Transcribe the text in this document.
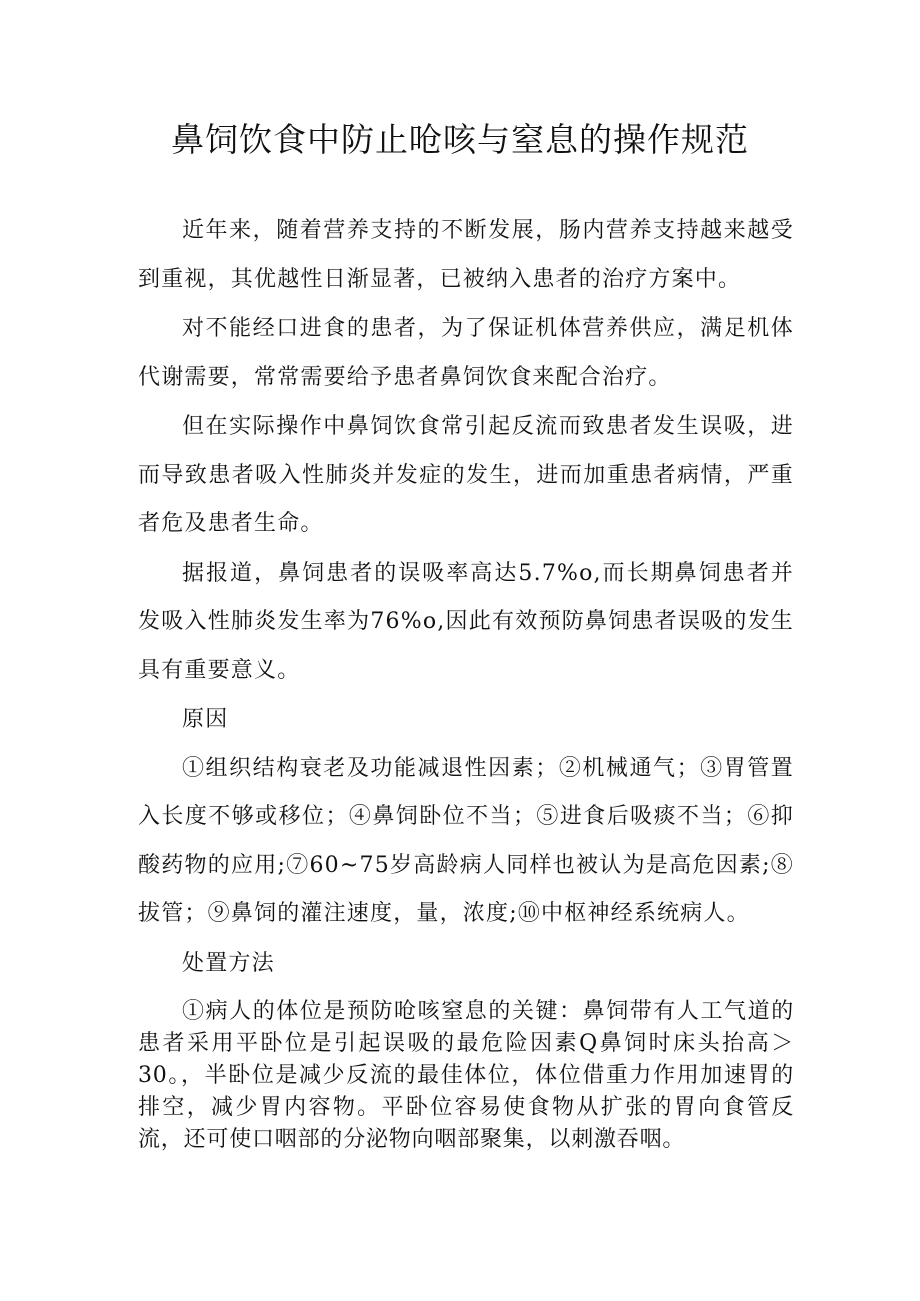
鼻饲饮食中防止呛咳与窒息的操作规范

近年来，随着营养支持的不断发展，肠内营养支持越来越受到重视，其优越性日渐显著，已被纳入患者的治疗方案中。

对不能经口进食的患者，为了保证机体营养供应，满足机体代谢需要，常常需要给予患者鼻饲饮食来配合治疗。

但在实际操作中鼻饲饮食常引起反流而致患者发生误吸，进而导致患者吸入性肺炎并发症的发生，进而加重患者病情，严重者危及患者生命。

据报道，鼻饲患者的误吸率高达5.7%o,而长期鼻饲患者并发吸入性肺炎发生率为76%o,因此有效预防鼻饲患者误吸的发生具有重要意义。

原因

①组织结构衰老及功能减退性因素；②机械通气；③胃管置入长度不够或移位；④鼻饲卧位不当；⑤进食后吸痰不当；⑥抑酸药物的应用;⑦60~75岁高龄病人同样也被认为是高危因素;⑧拔管；⑨鼻饲的灌注速度，量，浓度;⑩中枢神经系统病人。

处置方法

①病人的体位是预防呛咳窒息的关键：鼻饲带有人工气道的患者采用平卧位是引起误吸的最危险因素Q鼻饲时床头抬高＞30。，半卧位是减少反流的最佳体位，体位借重力作用加速胃的排空，减少胃内容物。平卧位容易使食物从扩张的胃向食管反流，还可使口咽部的分泌物向咽部聚集，以刺激吞咽。
